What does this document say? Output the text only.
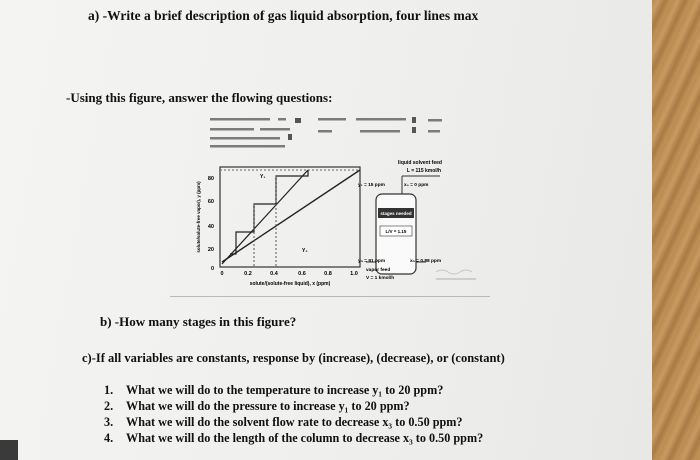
a) -Write a brief description of gas liquid absorption, four lines max
-Using this figure, answer the flowing questions:
80
60
40
20
0
0	0.2	0.4	0.6	0.8	1.0
solute/(solute-free liquid), x (ppm)
solute/solute-free vapor), y (ppm)
Y₁
Y₂
liquid solvent feed
L = 115 kmol/h
y₁ = 15 ppm	x₀ = 0 ppm
stages needed
L/V = 1.15
yₙ = 91 ppm	xₙ = 0.88 ppm
vapor feed
V = 1 kmol/h
b) -How many stages in this figure?
c)-If all variables are constants, response by (increase), (decrease), or (constant)
1. What we will do to the temperature to increase y₁ to 20 ppm?
2. What we will do the pressure to increase y₁ to 20 ppm?
3. What we will do the solvent flow rate to decrease x₃ to 0.50 ppm?
4. What we will do the length of the column to decrease x₃ to 0.50 ppm?
